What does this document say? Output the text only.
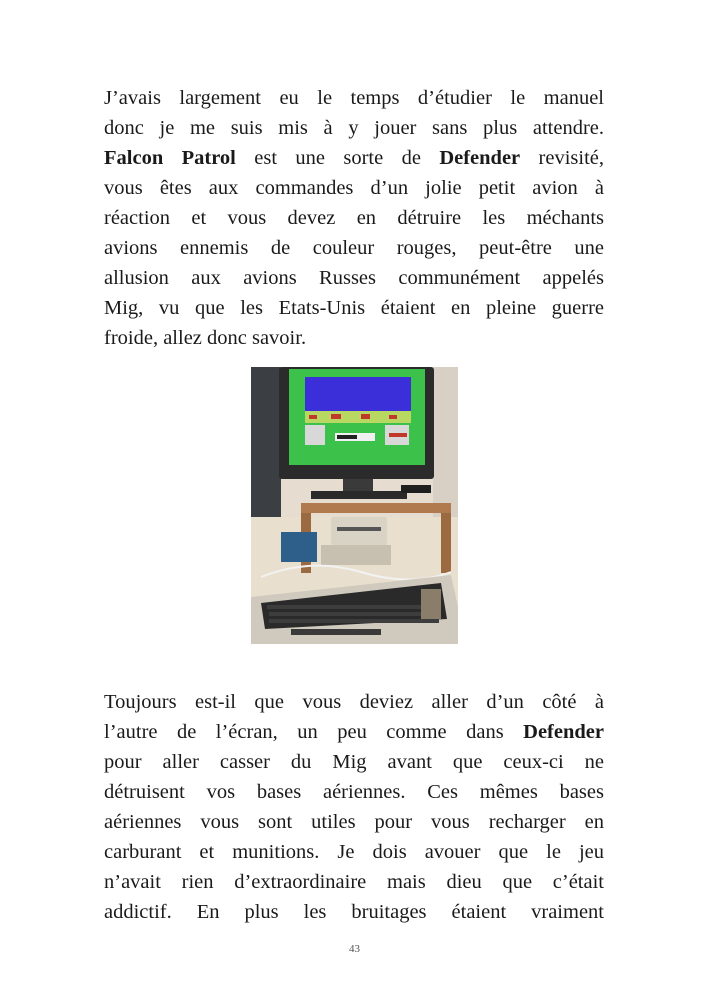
J’avais largement eu le temps d’étudier le manuel
donc je me suis mis à y jouer sans plus attendre.
Falcon Patrol est une sorte de Defender revisité,
vous êtes aux commandes d’un jolie petit avion à
réaction et vous devez en détruire les méchants
avions ennemis de couleur rouges, peut-être une
allusion aux avions Russes communément appelés
Mig, vu que les Etats-Unis étaient en pleine guerre
froide, allez donc savoir.
Toujours est-il que vous deviez aller d’un côté à
l’autre de l’écran, un peu comme dans Defender
pour aller casser du Mig avant que ceux-ci ne
détruisent vos bases aériennes. Ces mêmes bases
aériennes vous sont utiles pour vous recharger en
carburant et munitions. Je dois avouer que le jeu
n’avait rien d’extraordinaire mais dieu que c’était
addictif. En plus les bruitages étaient vraiment
43
